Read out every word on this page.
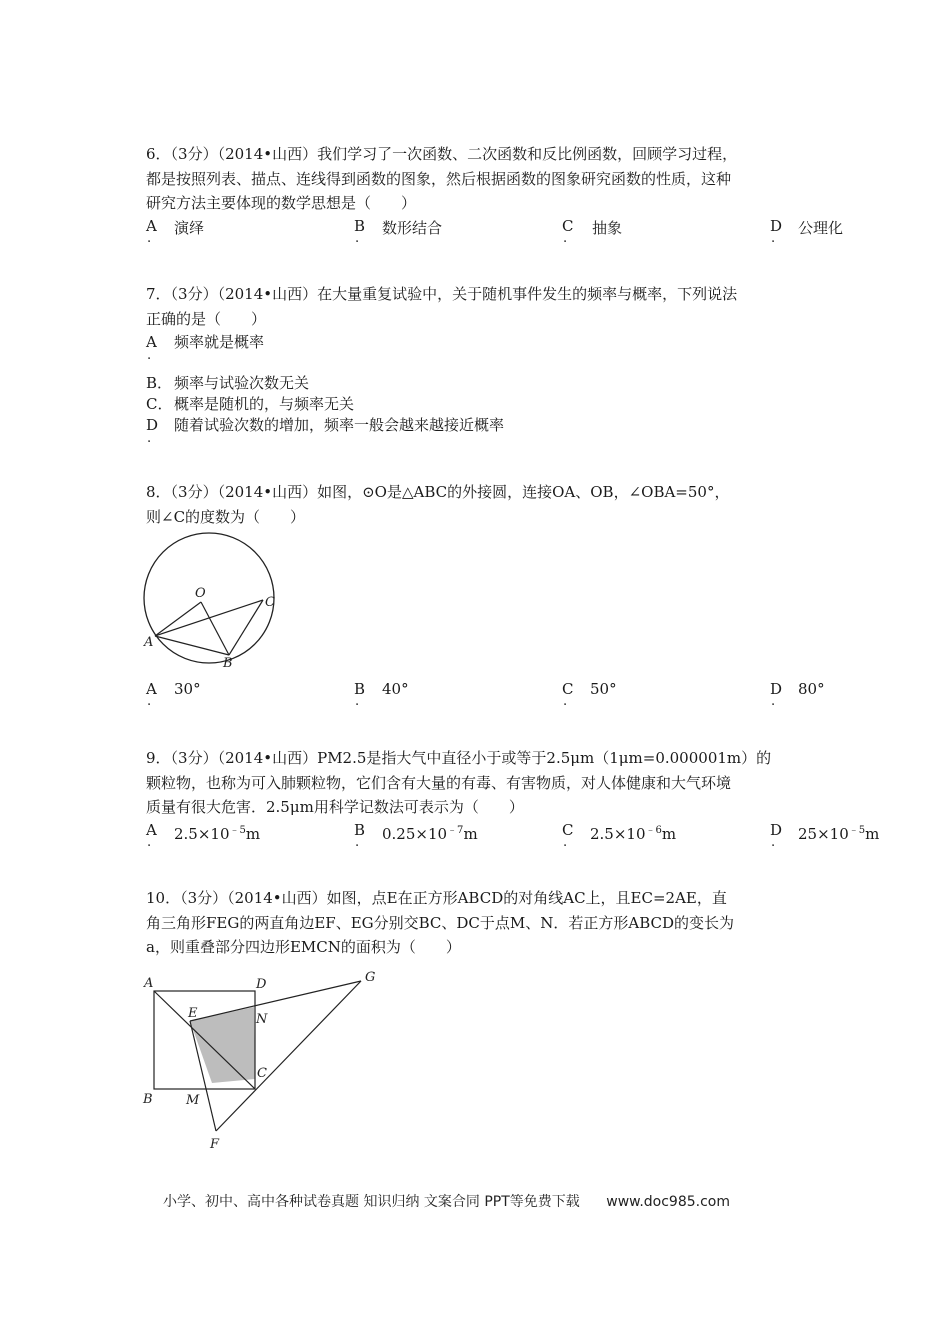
6．（3分）（2014•山西）我们学习了一次函数、二次函数和反比例函数，回顾学习过程，

都是按照列表、描点、连线得到函数的图象，然后根据函数的图象研究函数的性质，这种

研究方法主要体现的数学思想是（　　）

A
.
演绎	B
.
数形结合	C
.
抽象	D
.
公理化

7．（3分）（2014•山西）在大量重复试验中，关于随机事件发生的频率与概率，下列说法

正确的是（　　）

A
.
频率就是概率
B． 频率与试验次数无关
C． 概率是随机的，与频率无关
D
.
随着试验次数的增加，频率一般会越来越接近概率

8．（3分）（2014•山西）如图，⊙O是△ABC的外接圆，连接OA、OB，∠OBA=50°，

则∠C的度数为（　　）

O
A
B
C
A
.
30°	B
.
40°	C
.
50°	D
.
80°

9．（3分）（2014•山西）PM2.5是指大气中直径小于或等于2.5μm（1μm=0.000001m）的

颗粒物，也称为可入肺颗粒物，它们含有大量的有毒、有害物质，对人体健康和大气环境

质量有很大危害．2.5μm用科学记数法可表示为（　　）

A
. $2.5\times 10^{﹣5}m$	B
. $0.25\times 10^{﹣7}m$	C
. $2.5\times 10^{﹣6}m$	D
. $25\times 10^{﹣5}m$

10．（3分）（2014•山西）如图，点E在正方形ABCD的对角线AC上，且EC=2AE，直

角三角形FEG的两直角边EF、EG分别交BC、DC于点M、N．若正方形ABCD的变长为

a，则重叠部分四边形EMCN的面积为（　　）

A	D	G
E	N
C
B	M
F
小学、初中、高中各种试卷真题 知识归纳 文案合同 PPT等免费下载 www.doc985.com
